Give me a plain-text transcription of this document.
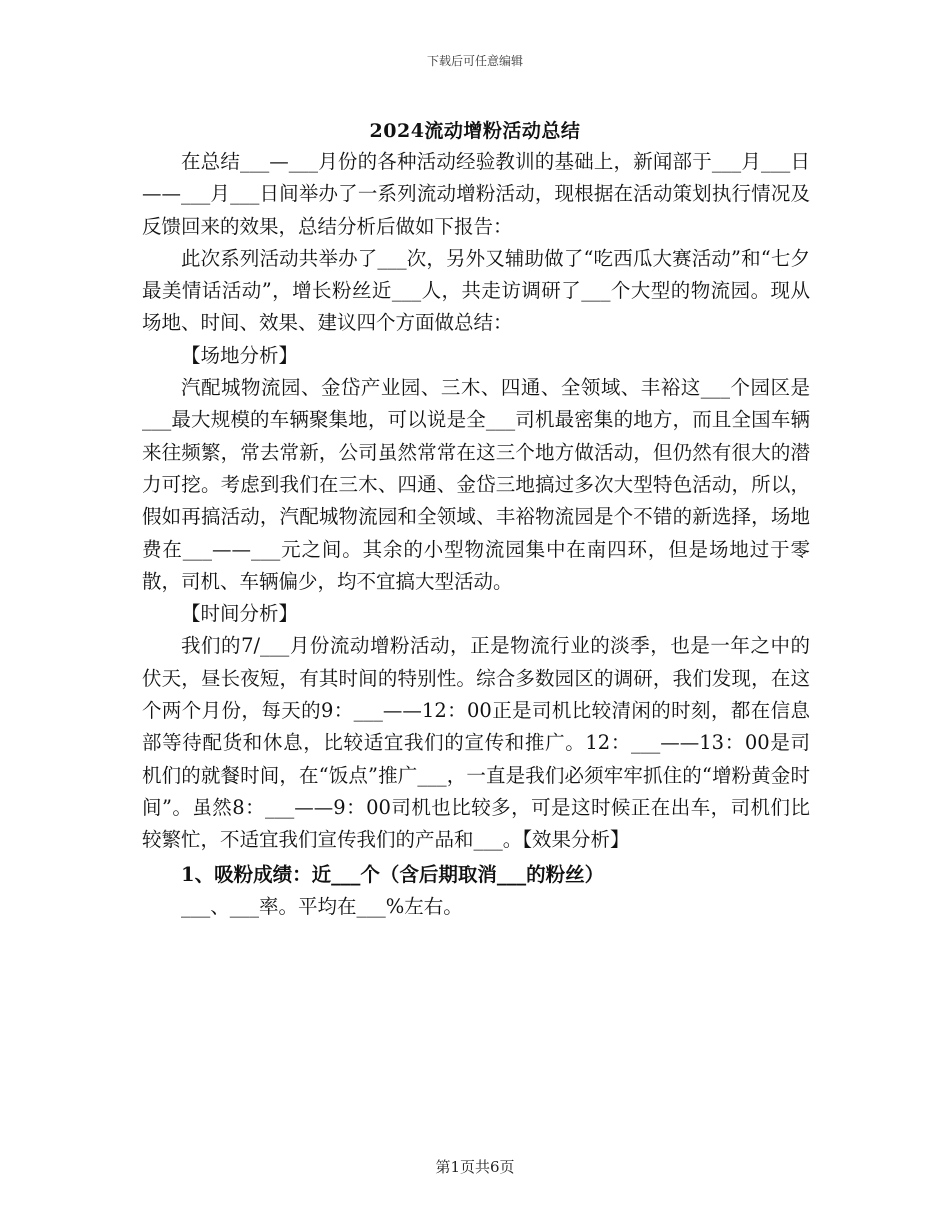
下载后可任意编辑
2024流动增粉活动总结

在总结___—___月份的各种活动经验教训的基础上，新闻部于___月___日——___月___日间举办了一系列流动增粉活动，现根据在活动策划执行情况及反馈回来的效果，总结分析后做如下报告：

此次系列活动共举办了___次，另外又辅助做了“吃西瓜大赛活动”和“七夕最美情话活动”，增长粉丝近___人，共走访调研了___个大型的物流园。现从场地、时间、效果、建议四个方面做总结：

【场地分析】

汽配城物流园、金岱产业园、三木、四通、全领域、丰裕这___个园区是___最大规模的车辆聚集地，可以说是全___司机最密集的地方，而且全国车辆来往频繁，常去常新，公司虽然常常在这三个地方做活动，但仍然有很大的潜力可挖。考虑到我们在三木、四通、金岱三地搞过多次大型特色活动，所以，假如再搞活动，汽配城物流园和全领域、丰裕物流园是个不错的新选择，场地费在___——___元之间。其余的小型物流园集中在南四环，但是场地过于零散，司机、车辆偏少，均不宜搞大型活动。

【时间分析】

我们的7/___月份流动增粉活动，正是物流行业的淡季，也是一年之中的伏天，昼长夜短，有其时间的特别性。综合多数园区的调研，我们发现，在这个两个月份，每天的9：___——12：00正是司机比较清闲的时刻，都在信息部等待配货和休息，比较适宜我们的宣传和推广。12：___——13：00是司机们的就餐时间，在“饭点”推广___，一直是我们必须牢牢抓住的“增粉黄金时间”。虽然8：___——9：00司机也比较多，可是这时候正在出车，司机们比较繁忙，不适宜我们宣传我们的产品和___。【效果分析】

1、吸粉成绩：近___个（含后期取消___的粉丝）

___、___率。平均在___%左右。

第1页共6页
